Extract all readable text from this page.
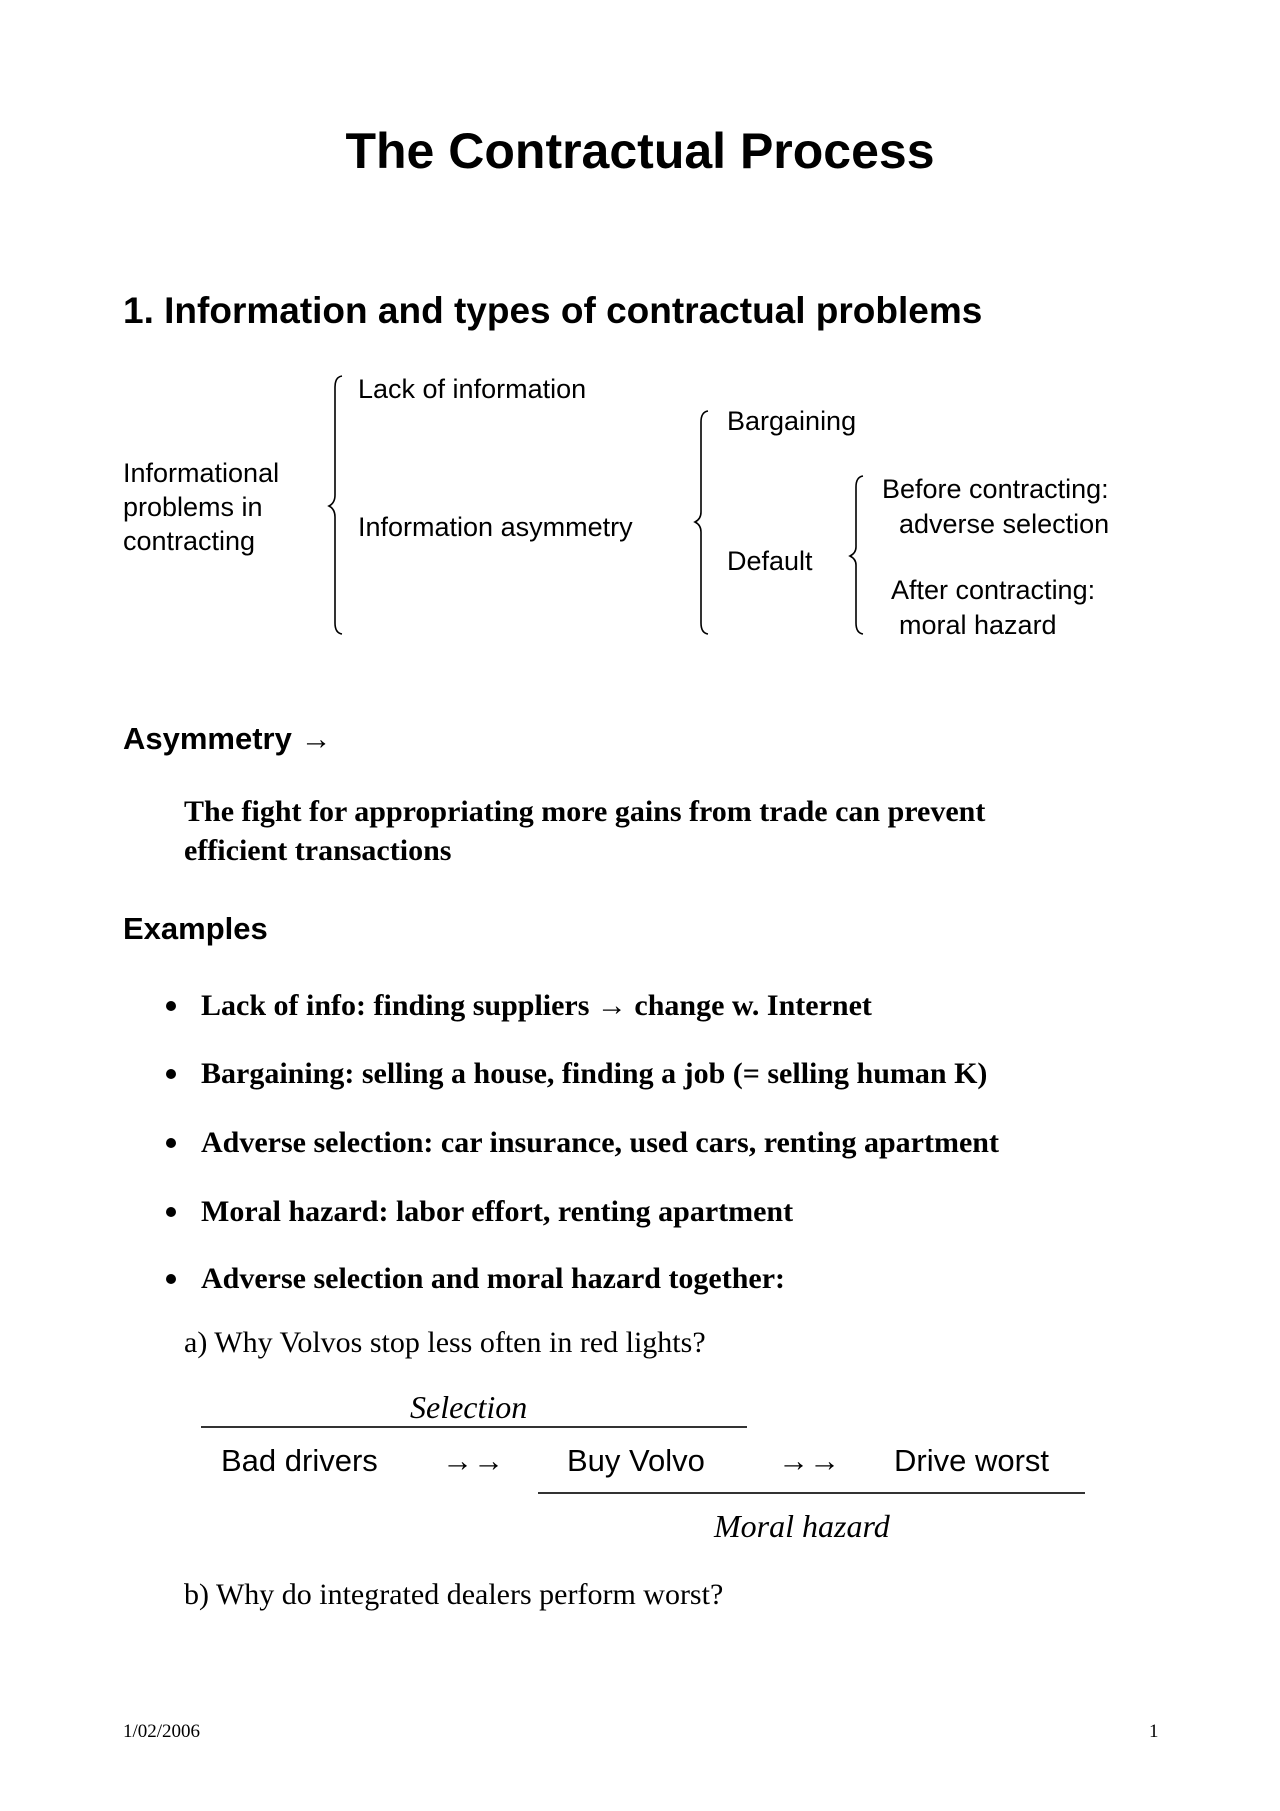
The Contractual Process
1. Information and types of contractual problems
Informational
problems in
contracting
Lack of information
Information asymmetry
Bargaining
Default
Before contracting:
adverse selection
After contracting:
moral hazard
Asymmetry →
The fight for appropriating more gains from trade can prevent
efficient transactions
Examples
Lack of info: finding suppliers → change w. Internet
Bargaining: selling a house, finding a job (= selling human K)
Adverse selection: car insurance, used cars, renting apartment
Moral hazard: labor effort, renting apartment
Adverse selection and moral hazard together:
a) Why Volvos stop less often in red lights?
Selection
Bad drivers →→ Buy Volvo →→ Drive worst
Moral hazard
b) Why do integrated dealers perform worst?
1/02/2006	1
